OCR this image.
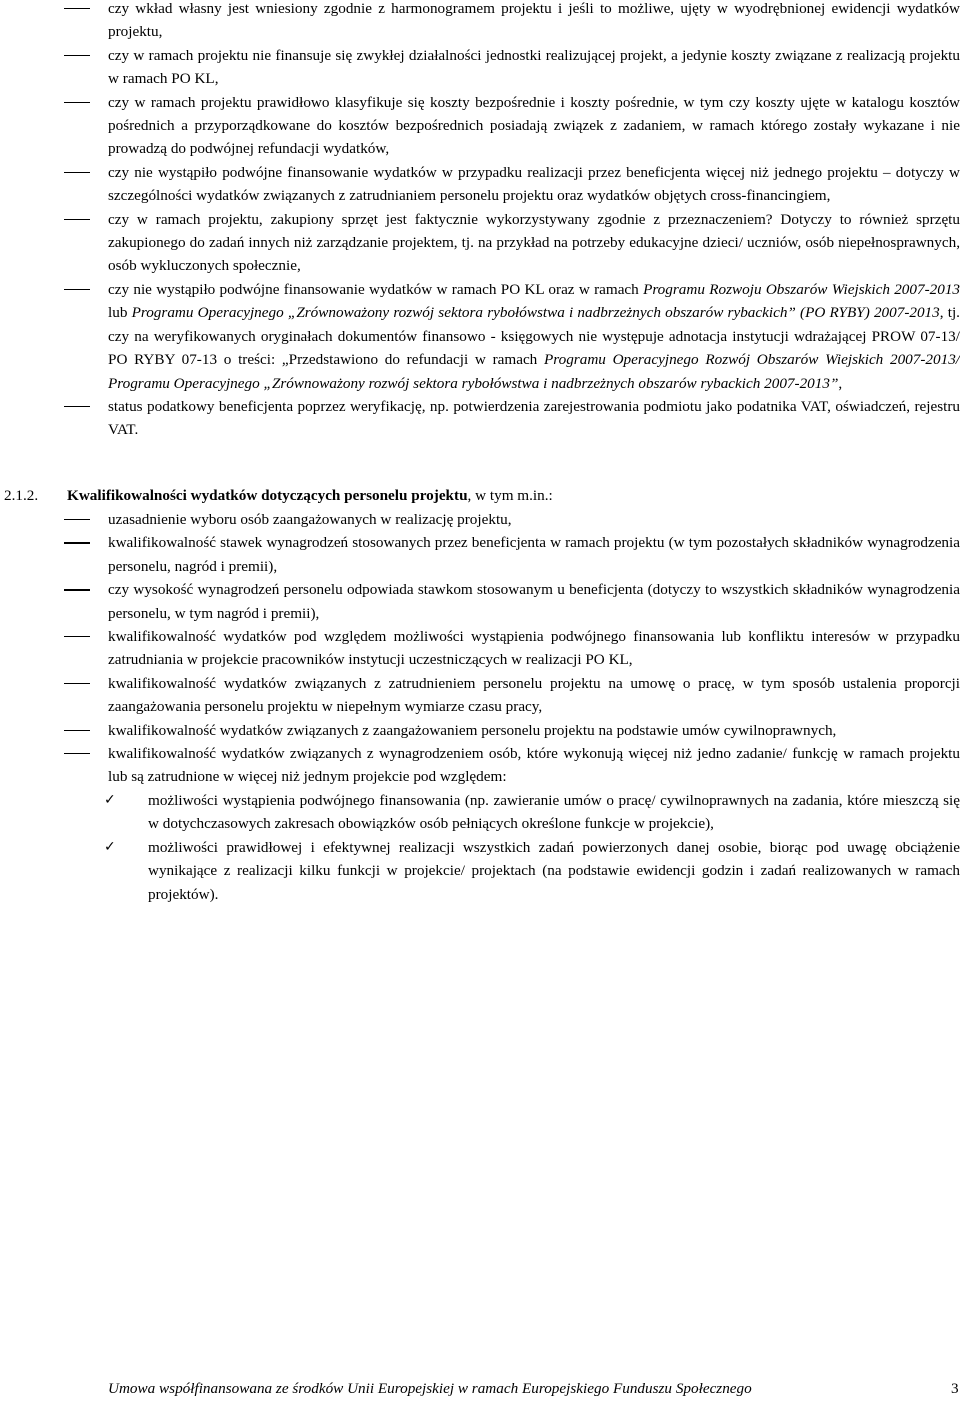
czy wkład własny jest wniesiony zgodnie z harmonogramem projektu i jeśli to możliwe, ujęty w wyodrębnionej ewidencji wydatków projektu,
czy w ramach projektu nie finansuje się zwykłej działalności jednostki realizującej projekt, a jedynie koszty związane z realizacją projektu w ramach PO KL,
czy w ramach projektu prawidłowo klasyfikuje się koszty bezpośrednie i koszty pośrednie, w tym czy koszty ujęte w katalogu kosztów pośrednich a przyporządkowane do kosztów bezpośrednich posiadają związek z zadaniem, w ramach którego zostały wykazane i nie prowadzą do podwójnej refundacji wydatków,
czy nie wystąpiło podwójne finansowanie wydatków w przypadku realizacji przez beneficjenta więcej niż jednego projektu – dotyczy w szczególności wydatków związanych z zatrudnianiem personelu projektu oraz wydatków objętych cross-financingiem,
czy w ramach projektu, zakupiony sprzęt jest faktycznie wykorzystywany zgodnie z przeznaczeniem? Dotyczy to również sprzętu zakupionego do zadań innych niż zarządzanie projektem, tj. na przykład na potrzeby edukacyjne dzieci/ uczniów, osób niepełnosprawnych, osób wykluczonych społecznie,
czy nie wystąpiło podwójne finansowanie wydatków w ramach PO KL oraz w ramach Programu Rozwoju Obszarów Wiejskich 2007-2013 lub Programu Operacyjnego „Zrównoważony rozwój sektora rybołówstwa i nadbrzeżnych obszarów rybackich” (PO RYBY) 2007-2013, tj. czy na weryfikowanych oryginałach dokumentów finansowo - księgowych nie występuje adnotacja instytucji wdrażającej PROW 07-13/ PO RYBY 07-13 o treści: „Przedstawiono do refundacji w ramach Programu Operacyjnego Rozwój Obszarów Wiejskich 2007-2013/ Programu Operacyjnego „Zrównoważony rozwój sektora rybołówstwa i nadbrzeżnych obszarów rybackich 2007-2013”,
status podatkowy beneficjenta poprzez weryfikację, np. potwierdzenia zarejestrowania podmiotu jako podatnika VAT, oświadczeń, rejestru VAT.
2.1.2. Kwalifikowalności wydatków dotyczących personelu projektu, w tym m.in.:
uzasadnienie wyboru osób zaangażowanych w realizację projektu,
kwalifikowalność stawek wynagrodzeń stosowanych przez beneficjenta w ramach projektu (w tym pozostałych składników wynagrodzenia personelu, nagród i premii),
czy wysokość wynagrodzeń personelu odpowiada stawkom stosowanym u beneficjenta (dotyczy to wszystkich składników wynagrodzenia personelu, w tym nagród i premii),
kwalifikowalność wydatków pod względem możliwości wystąpienia podwójnego finansowania lub konfliktu interesów w przypadku zatrudniania w projekcie pracowników instytucji uczestniczących w realizacji PO KL,
kwalifikowalność wydatków związanych z zatrudnieniem personelu projektu na umowę o pracę, w tym sposób ustalenia proporcji zaangażowania personelu projektu w niepełnym wymiarze czasu pracy,
kwalifikowalność wydatków związanych z zaangażowaniem personelu projektu na podstawie umów cywilnoprawnych,
kwalifikowalność wydatków związanych z wynagrodzeniem osób, które wykonują więcej niż jedno zadanie/ funkcję w ramach projektu lub są zatrudnione w więcej niż jednym projekcie pod względem:
✓ możliwości wystąpienia podwójnego finansowania (np. zawieranie umów o pracę/ cywilnoprawnych na zadania, które mieszczą się w dotychczasowych zakresach obowiązków osób pełniących określone funkcje w projekcie),
✓ możliwości prawidłowej i efektywnej realizacji wszystkich zadań powierzonych danej osobie, biorąc pod uwagę obciążenie wynikające z realizacji kilku funkcji w projekcie/ projektach (na podstawie ewidencji godzin i zadań realizowanych w ramach projektów).
Umowa współfinansowana ze środków Unii Europejskiej w ramach Europejskiego Funduszu Społecznego	3
